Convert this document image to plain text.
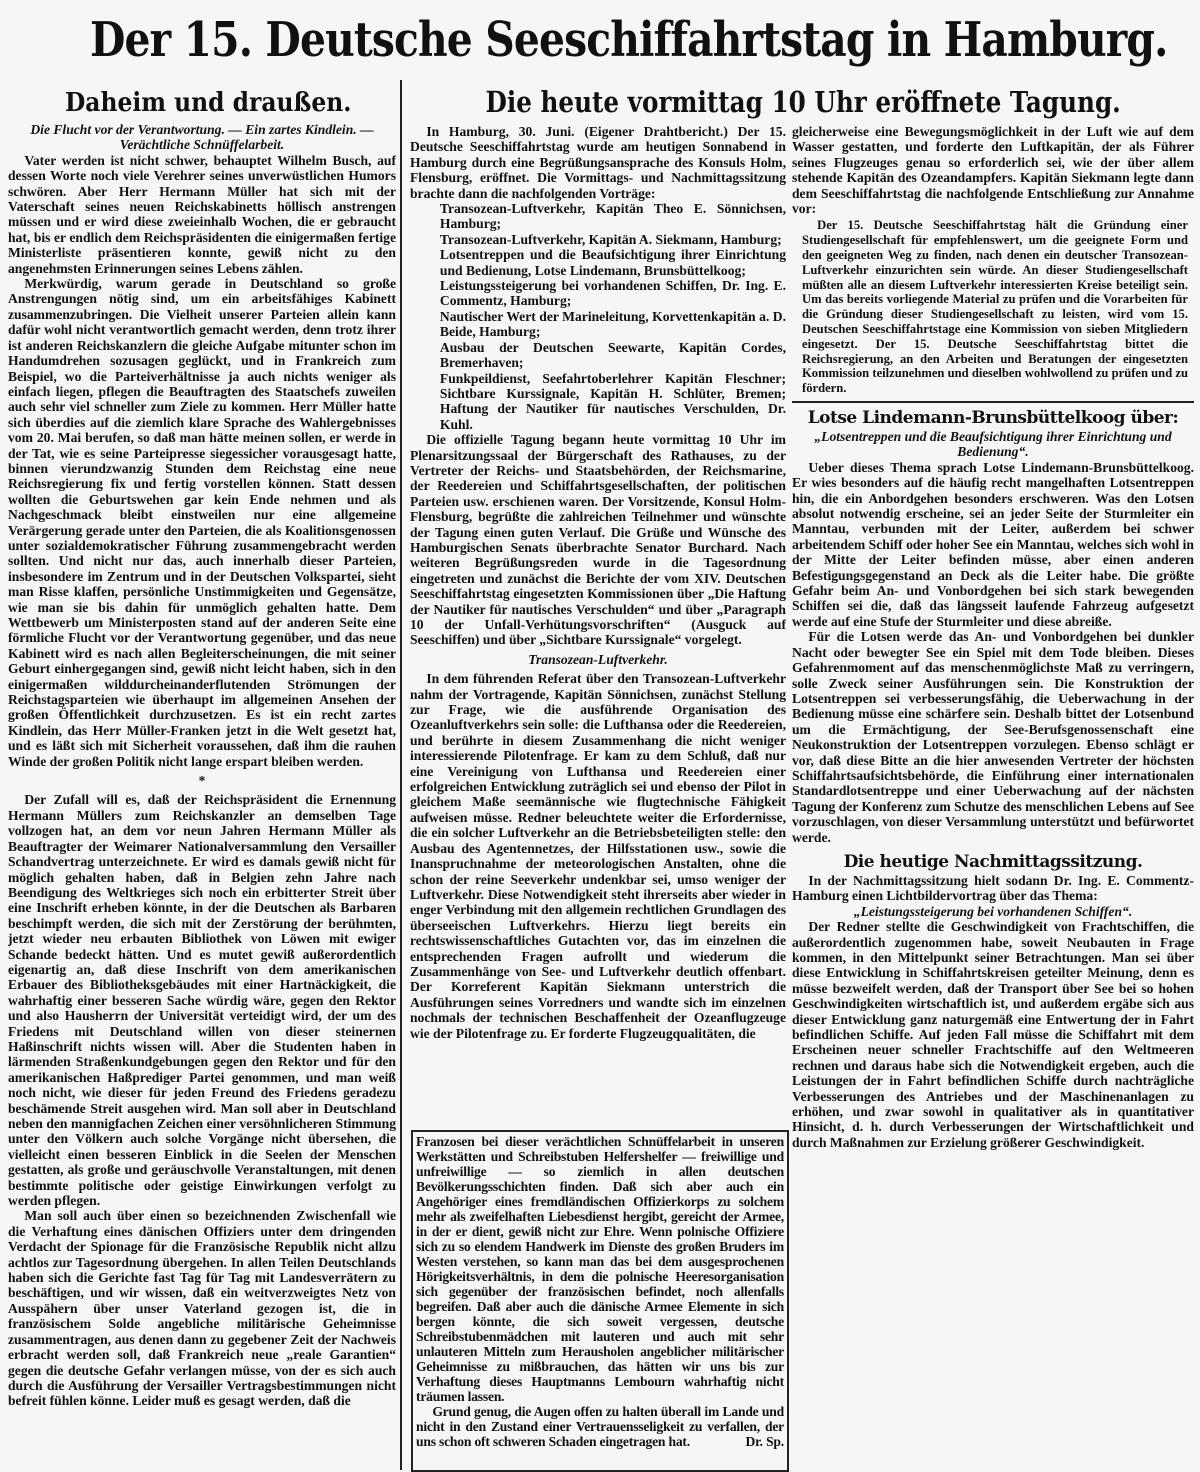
Der 15. Deutsche Seeschiffahrtstag in Hamburg.
Daheim und draußen.	Die heute vormittag 10 Uhr eröffnete Tagung.

Die Flucht vor der Verantwortung. — Ein zartes Kindlein. — Verächtliche Schnüffelarbeit.

Vater werden ist nicht schwer, behauptet Wilhelm Busch, auf dessen Worte noch viele Verehrer seines unverwüstlichen Humors schwören. Aber Herr Hermann Müller hat sich mit der Vaterschaft seines neuen Reichskabinetts höllisch anstrengen müssen und er wird diese zweieinhalb Wochen, die er gebraucht hat, bis er endlich dem Reichspräsidenten die einigermaßen fertige Ministerliste präsentieren konnte, gewiß nicht zu den angenehmsten Erinnerungen seines Lebens zählen.

Merkwürdig, warum gerade in Deutschland so große Anstrengungen nötig sind, um ein arbeitsfähiges Kabinett zusammenzubringen. Die Vielheit unserer Parteien allein kann dafür wohl nicht verantwortlich gemacht werden, denn trotz ihrer ist anderen Reichskanzlern die gleiche Aufgabe mitunter schon im Handumdrehen sozusagen geglückt, und in Frankreich zum Beispiel, wo die Parteiverhältnisse ja auch nichts weniger als einfach liegen, pflegen die Beauftragten des Staatschefs zuweilen auch sehr viel schneller zum Ziele zu kommen. Herr Müller hatte sich überdies auf die ziemlich klare Sprache des Wahlergebnisses vom 20. Mai berufen, so daß man hätte meinen sollen, er werde in der Tat, wie es seine Parteipresse siegessicher vorausgesagt hatte, binnen vierundzwanzig Stunden dem Reichstag eine neue Reichsregierung fix und fertig vorstellen können. Statt dessen wollten die Geburtswehen gar kein Ende nehmen und als Nachgeschmack bleibt einstweilen nur eine allgemeine Verärgerung gerade unter den Parteien, die als Koalitionsgenossen unter sozialdemokratischer Führung zusammengebracht werden sollten. Und nicht nur das, auch innerhalb dieser Parteien, insbesondere im Zentrum und in der Deutschen Volkspartei, sieht man Risse klaffen, persönliche Unstimmigkeiten und Gegensätze, wie man sie bis dahin für unmöglich gehalten hatte. Dem Wettbewerb um Ministerposten stand auf der anderen Seite eine förmliche Flucht vor der Verantwortung gegenüber, und das neue Kabinett wird es nach allen Begleiterscheinungen, die mit seiner Geburt einhergegangen sind, gewiß nicht leicht haben, sich in den einigermaßen wilddurcheinanderflutenden Strömungen der Reichstagsparteien wie überhaupt im allgemeinen Ansehen der großen Öffentlichkeit durchzusetzen. Es ist ein recht zartes Kindlein, das Herr Müller-Franken jetzt in die Welt gesetzt hat, und es läßt sich mit Sicherheit voraussehen, daß ihm die rauhen Winde der großen Politik nicht lange erspart bleiben werden.

*

Der Zufall will es, daß der Reichspräsident die Ernennung Hermann Müllers zum Reichskanzler an demselben Tage vollzogen hat, an dem vor neun Jahren Hermann Müller als Beauftragter der Weimarer Nationalversammlung den Versailler Schandvertrag unterzeichnete. Er wird es damals gewiß nicht für möglich gehalten haben, daß in Belgien zehn Jahre nach Beendigung des Weltkrieges sich noch ein erbitterter Streit über eine Inschrift erheben könnte, in der die Deutschen als Barbaren beschimpft werden, die sich mit der Zerstörung der berühmten, jetzt wieder neu erbauten Bibliothek von Löwen mit ewiger Schande bedeckt hätten. Und es mutet gewiß außerordentlich eigenartig an, daß diese Inschrift von dem amerikanischen Erbauer des Bibliotheksgebäudes mit einer Hartnäckigkeit, die wahrhaftig einer besseren Sache würdig wäre, gegen den Rektor und also Hausherrn der Universität verteidigt wird, der um des Friedens mit Deutschland willen von dieser steinernen Haßinschrift nichts wissen will. Aber die Studenten haben in lärmenden Straßenkundgebungen gegen den Rektor und für den amerikanischen Haßprediger Partei genommen, und man weiß noch nicht, wie dieser für jeden Freund des Friedens geradezu beschämende Streit ausgehen wird. Man soll aber in Deutschland neben den mannigfachen Zeichen einer versöhnlicheren Stimmung unter den Völkern auch solche Vorgänge nicht übersehen, die vielleicht einen besseren Einblick in die Seelen der Menschen gestatten, als große und geräuschvolle Veranstaltungen, mit denen bestimmte politische oder geistige Einwirkungen verfolgt zu werden pflegen.

Man soll auch über einen so bezeichnenden Zwischenfall wie die Verhaftung eines dänischen Offiziers unter dem dringenden Verdacht der Spionage für die Französische Republik nicht allzu achtlos zur Tagesordnung übergehen. In allen Teilen Deutschlands haben sich die Gerichte fast Tag für Tag mit Landesverrätern zu beschäftigen, und wir wissen, daß ein weitverzweigtes Netz von Ausspähern über unser Vaterland gezogen ist, die in französischem Solde angebliche militärische Geheimnisse zusammentragen, aus denen dann zu gegebener Zeit der Nachweis erbracht werden soll, daß Frankreich neue „reale Garantien“ gegen die deutsche Gefahr verlangen müsse, von der es sich auch durch die Ausführung der Versailler Vertragsbestimmungen nicht befreit fühlen könne. Leider muß es gesagt werden, daß die

In Hamburg, 30. Juni. (Eigener Drahtbericht.) Der 15. Deutsche Seeschiffahrtstag wurde am heutigen Sonnabend in Hamburg durch eine Begrüßungsansprache des Konsuls Holm, Flensburg, eröffnet. Die Vormittags- und Nachmittagssitzung brachte dann die nachfolgenden Vorträge:

Transozean-Luftverkehr, Kapitän Theo E. Sönnichsen, Hamburg;

Transozean-Luftverkehr, Kapitän A. Siekmann, Hamburg;

Lotsentreppen und die Beaufsichtigung ihrer Einrichtung und Bedienung, Lotse Lindemann, Brunsbüttelkoog;

Leistungssteigerung bei vorhandenen Schiffen, Dr. Ing. E. Commentz, Hamburg;

Nautischer Wert der Marineleitung, Korvettenkapitän a. D. Beide, Hamburg;

Ausbau der Deutschen Seewarte, Kapitän Cordes, Bremerhaven;

Funkpeildienst, Seefahrtoberlehrer Kapitän Fleschner; Sichtbare Kurssignale, Kapitän H. Schlüter, Bremen; Haftung der Nautiker für nautisches Verschulden, Dr. Kuhl.

Die offizielle Tagung begann heute vormittag 10 Uhr im Plenarsitzungssaal der Bürgerschaft des Rathauses, zu der Vertreter der Reichs- und Staatsbehörden, der Reichsmarine, der Reedereien und Schiffahrtsgesellschaften, der politischen Parteien usw. erschienen waren. Der Vorsitzende, Konsul Holm-Flensburg, begrüßte die zahlreichen Teilnehmer und wünschte der Tagung einen guten Verlauf. Die Grüße und Wünsche des Hamburgischen Senats überbrachte Senator Burchard. Nach weiteren Begrüßungsreden wurde in die Tagesordnung eingetreten und zunächst die Berichte der vom XIV. Deutschen Seeschiffahrtstag eingesetzten Kommissionen über „Die Haftung der Nautiker für nautisches Verschulden“ und über „Paragraph 10 der Unfall-Verhütungsvorschriften“ (Ausguck auf Seeschiffen) und über „Sichtbare Kurssignale“ vorgelegt.

Transozean-Luftverkehr.

In dem führenden Referat über den Transozean-Luftverkehr nahm der Vortragende, Kapitän Sönnichsen, zunächst Stellung zur Frage, wie die ausführende Organisation des Ozeanluftverkehrs sein solle: die Lufthansa oder die Reedereien, und berührte in diesem Zusammenhang die nicht weniger interessierende Pilotenfrage. Er kam zu dem Schluß, daß nur eine Vereinigung von Lufthansa und Reedereien einer erfolgreichen Entwicklung zuträglich sei und ebenso der Pilot in gleichem Maße seemännische wie flugtechnische Fähigkeit aufweisen müsse. Redner beleuchtete weiter die Erfordernisse, die ein solcher Luftverkehr an die Betriebsbeteiligten stelle: den Ausbau des Agentennetzes, der Hilfsstationen usw., sowie die Inanspruchnahme der meteorologischen Anstalten, ohne die schon der reine Seeverkehr undenkbar sei, umso weniger der Luftverkehr. Diese Notwendigkeit steht ihrerseits aber wieder in enger Verbindung mit den allgemein rechtlichen Grundlagen des überseeischen Luftverkehrs. Hierzu liegt bereits ein rechtswissenschaftliches Gutachten vor, das im einzelnen die entsprechenden Fragen aufrollt und wiederum die Zusammenhänge von See- und Luftverkehr deutlich offenbart. Der Korreferent Kapitän Siekmann unterstrich die Ausführungen seines Vorredners und wandte sich im einzelnen nochmals der technischen Beschaffenheit der Ozeanflugzeuge wie der Pilotenfrage zu. Er forderte Flugzeugqualitäten, die

Franzosen bei dieser verächtlichen Schnüffelarbeit in unseren Werkstätten und Schreibstuben Helfershelfer — freiwillige und unfreiwillige — so ziemlich in allen deutschen Bevölkerungsschichten finden. Daß sich aber auch ein Angehöriger eines fremdländischen Offizierkorps zu solchem mehr als zweifelhaften Liebesdienst hergibt, gereicht der Armee, in der er dient, gewiß nicht zur Ehre. Wenn polnische Offiziere sich zu so elendem Handwerk im Dienste des großen Bruders im Westen verstehen, so kann man das bei dem ausgesprochenen Hörigkeitsverhältnis, in dem die polnische Heeresorganisation sich gegenüber der französischen befindet, noch allenfalls begreifen. Daß aber auch die dänische Armee Elemente in sich bergen könnte, die sich soweit vergessen, deutsche Schreibstubenmädchen mit lauteren und auch mit sehr unlauteren Mitteln zum Herausholen angeblicher militärischer Geheimnisse zu mißbrauchen, das hätten wir uns bis zur Verhaftung dieses Hauptmanns Lembourn wahrhaftig nicht träumen lassen.

Grund genug, die Augen offen zu halten überall im Lande und nicht in den Zustand einer Vertrauensseligkeit zu verfallen, der uns schon oft schweren Schaden eingetragen hat.	Dr. Sp.

gleicherweise eine Bewegungsmöglichkeit in der Luft wie auf dem Wasser gestatten, und forderte den Luftkapitän, der als Führer seines Flugzeuges genau so erforderlich sei, wie der über allem stehende Kapitän des Ozeandampfers. Kapitän Siekmann legte dann dem Seeschiffahrtstag die nachfolgende Entschließung zur Annahme vor:

Der 15. Deutsche Seeschiffahrtstag hält die Gründung einer Studiengesellschaft für empfehlenswert, um die geeignete Form und den geeigneten Weg zu finden, nach denen ein deutscher Transozean-Luftverkehr einzurichten sein würde. An dieser Studiengesellschaft müßten alle an diesem Luftverkehr interessierten Kreise beteiligt sein. Um das bereits vorliegende Material zu prüfen und die Vorarbeiten für die Gründung dieser Studiengesellschaft zu leisten, wird vom 15. Deutschen Seeschiffahrtstage eine Kommission von sieben Mitgliedern eingesetzt. Der 15. Deutsche Seeschiffahrtstag bittet die Reichsregierung, an den Arbeiten und Beratungen der eingesetzten Kommission teilzunehmen und dieselben wohlwollend zu prüfen und zu fördern.

Lotse Lindemann-Brunsbüttelkoog über:

„Lotsentreppen und die Beaufsichtigung ihrer Einrichtung und Bedienung“.

Ueber dieses Thema sprach Lotse Lindemann-Brunsbüttelkoog. Er wies besonders auf die häufig recht mangelhaften Lotsentreppen hin, die ein Anbordgehen besonders erschweren. Was den Lotsen absolut notwendig erscheine, sei an jeder Seite der Sturmleiter ein Manntau, verbunden mit der Leiter, außerdem bei schwer arbeitendem Schiff oder hoher See ein Manntau, welches sich wohl in der Mitte der Leiter befinden müsse, aber einen anderen Befestigungsgegenstand an Deck als die Leiter habe. Die größte Gefahr beim An- und Vonbordgehen bei sich stark bewegenden Schiffen sei die, daß das längsseit laufende Fahrzeug aufgesetzt werde auf eine Stufe der Sturmleiter und diese abreiße.

Für die Lotsen werde das An- und Vonbordgehen bei dunkler Nacht oder bewegter See ein Spiel mit dem Tode bleiben. Dieses Gefahrenmoment auf das menschenmöglichste Maß zu verringern, solle Zweck seiner Ausführungen sein. Die Konstruktion der Lotsentreppen sei verbesserungsfähig, die Ueberwachung in der Bedienung müsse eine schärfere sein. Deshalb bittet der Lotsenbund um die Ermächtigung, der See-Berufsgenossenschaft eine Neukonstruktion der Lotsentreppen vorzulegen. Ebenso schlägt er vor, daß diese Bitte an die hier anwesenden Vertreter der höchsten Schiffahrtsaufsichtsbehörde, die Einführung einer internationalen Standardlotsentreppe und einer Ueberwachung auf der nächsten Tagung der Konferenz zum Schutze des menschlichen Lebens auf See vorzuschlagen, von dieser Versammlung unterstützt und befürwortet werde.

Die heutige Nachmittagssitzung.

In der Nachmittagssitzung hielt sodann Dr. Ing. E. Commentz-Hamburg einen Lichtbildervortrag über das Thema:

„Leistungssteigerung bei vorhandenen Schiffen“.

Der Redner stellte die Geschwindigkeit von Frachtschiffen, die außerordentlich zugenommen habe, soweit Neubauten in Frage kommen, in den Mittelpunkt seiner Betrachtungen. Man sei über diese Entwicklung in Schiffahrtskreisen geteilter Meinung, denn es müsse bezweifelt werden, daß der Transport über See bei so hohen Geschwindigkeiten wirtschaftlich ist, und außerdem ergäbe sich aus dieser Entwicklung ganz naturgemäß eine Entwertung der in Fahrt befindlichen Schiffe. Auf jeden Fall müsse die Schiffahrt mit dem Erscheinen neuer schneller Frachtschiffe auf den Weltmeeren rechnen und daraus habe sich die Notwendigkeit ergeben, auch die Leistungen der in Fahrt befindlichen Schiffe durch nachträgliche Verbesserungen des Antriebes und der Maschinenanlagen zu erhöhen, und zwar sowohl in qualitativer als in quantitativer Hinsicht, d. h. durch Verbesserungen der Wirtschaftlichkeit und durch Maßnahmen zur Erzielung größerer Geschwindigkeit.
